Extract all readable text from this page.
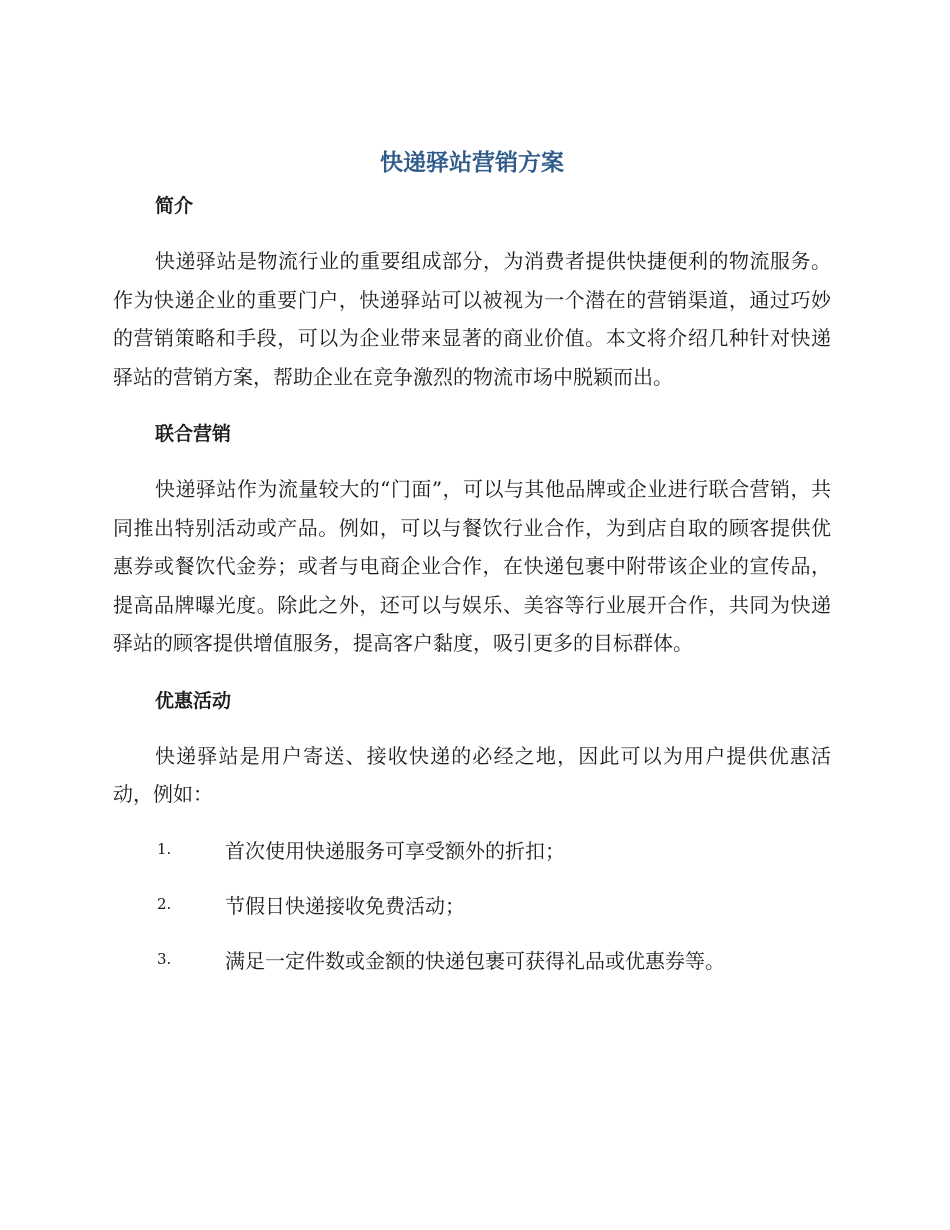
快递驿站营销方案
简介

快递驿站是物流行业的重要组成部分，为消费者提供快捷便利的物流服务。作为快递企业的重要门户，快递驿站可以被视为一个潜在的营销渠道，通过巧妙的营销策略和手段，可以为企业带来显著的商业价值。本文将介绍几种针对快递驿站的营销方案，帮助企业在竞争激烈的物流市场中脱颖而出。

联合营销

快递驿站作为流量较大的“门面”，可以与其他品牌或企业进行联合营销，共同推出特别活动或产品。例如，可以与餐饮行业合作，为到店自取的顾客提供优惠券或餐饮代金券；或者与电商企业合作，在快递包裹中附带该企业的宣传品，提高品牌曝光度。除此之外，还可以与娱乐、美容等行业展开合作，共同为快递驿站的顾客提供增值服务，提高客户黏度，吸引更多的目标群体。

优惠活动

快递驿站是用户寄送、接收快递的必经之地，因此可以为用户提供优惠活动，例如：

1.	首次使用快递服务可享受额外的折扣；
2.	节假日快递接收免费活动；
3.	满足一定件数或金额的快递包裹可获得礼品或优惠券等。
